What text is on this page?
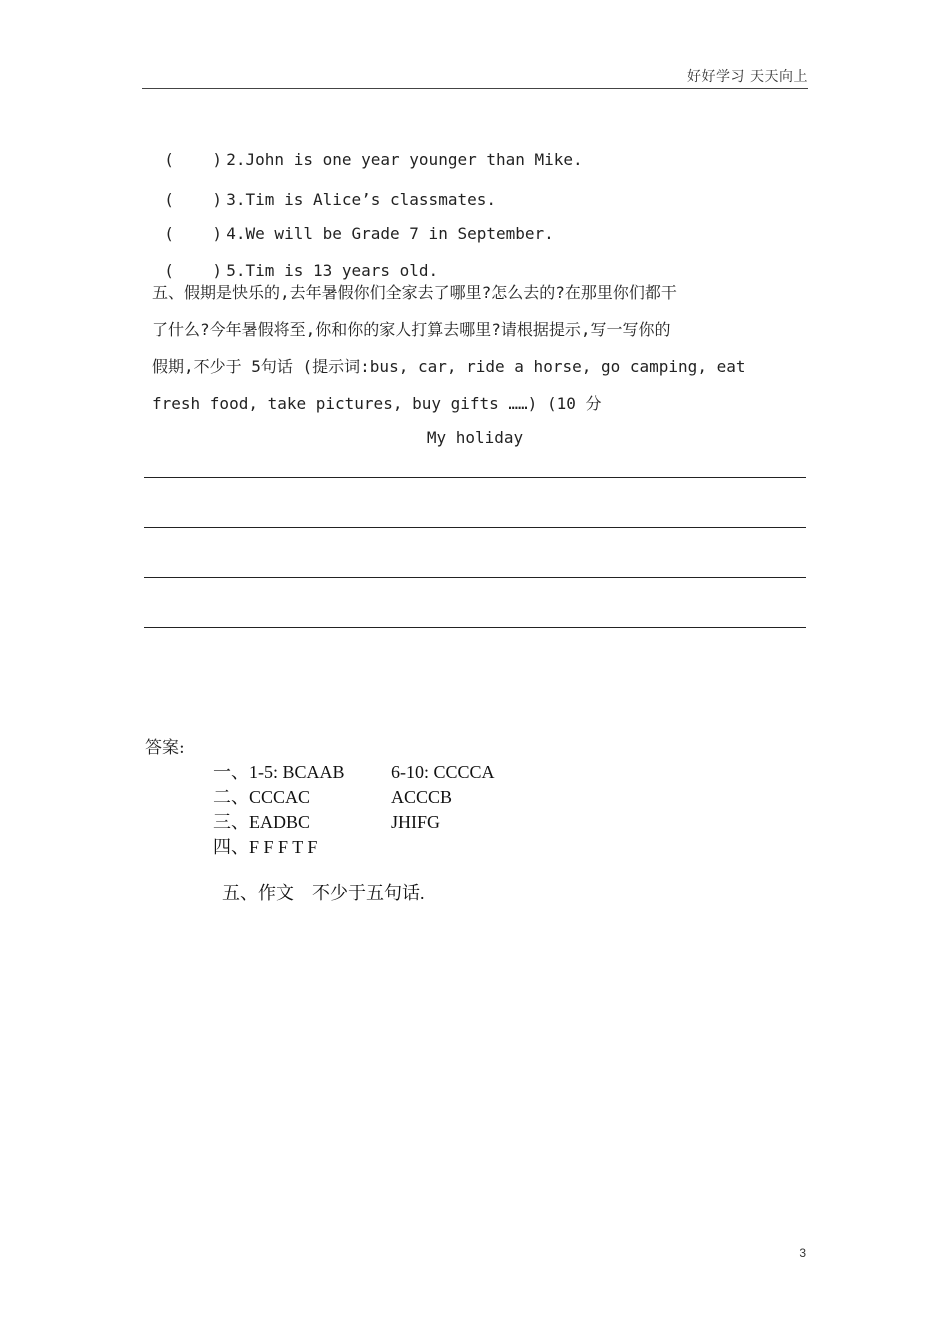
好好学习 天天向上

(    ) 2.John is one year younger than Mike.

(    ) 3.Tim is Alice’s classmates.

(    ) 4.We will be Grade 7 in September.

(    ) 5.Tim is 13 years old.

五、假期是快乐的,去年暑假你们全家去了哪里?怎么去的?在那里你们都干
了什么?今年暑假将至,你和你的家人打算去哪里?请根据提示,写一写你的
假期,不少于 5句话 (提示词:bus, car, ride a horse, go camping, eat
fresh food, take pictures, buy gifts ……) (10 分
My holiday
答案:
一、1-5: BCAAB	6-10: CCCCA
二、CCCAC	ACCCB
三、EADBC	JHIFG
四、F F F T F

五、作文    不少于五句话.

3
